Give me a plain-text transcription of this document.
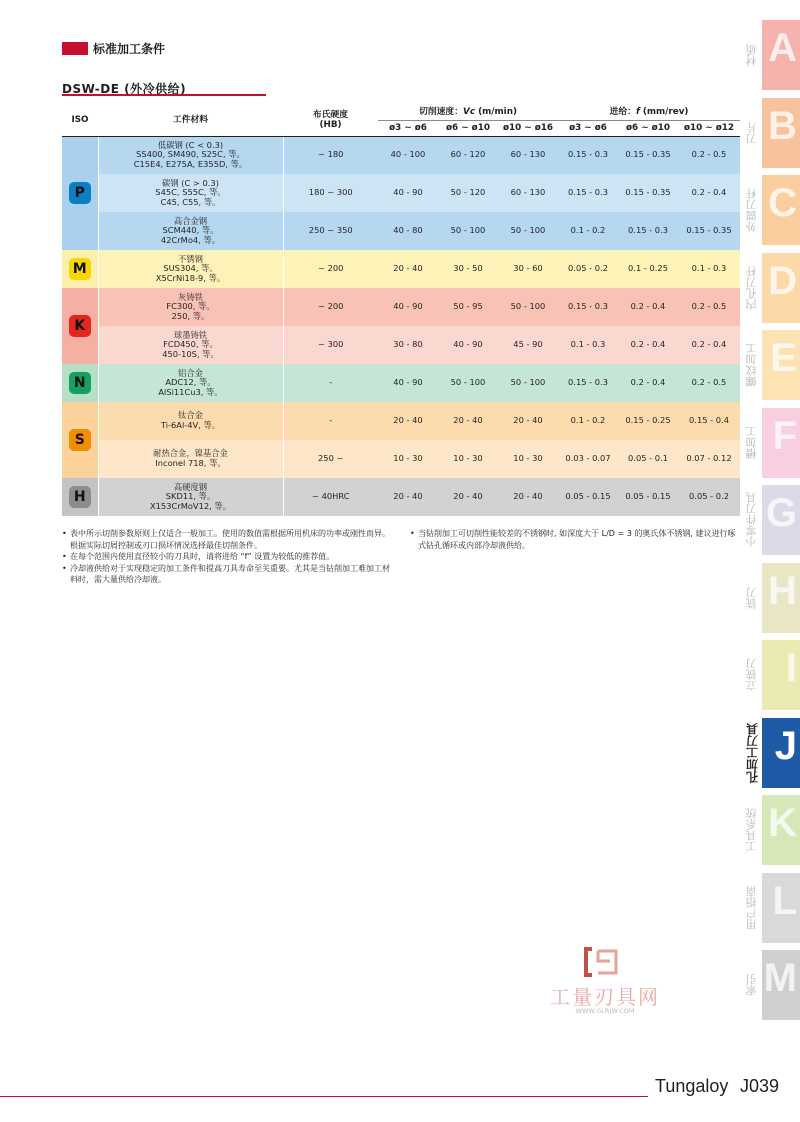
标准加工条件
DSW-DE (外冷供给)
ISO	工件材料	布氏硬度
(HB)	切削速度：Vc (m/min)			进给：f (mm/rev)		
			ø3 ~ ø6	ø6 ~ ø10	ø10 ~ ø16	ø3 ~ ø6	ø6 ~ ø10	ø10 ~ ø12
P	低碳钢 (C < 0.3)
SS400, SM490, S25C, 等。
C15E4, E275A, E355D, 等。	~ 180	40 - 100	60 - 120	60 - 130	0.15 - 0.3	0.15 - 0.35	0.2 - 0.5

	碳钢 (C > 0.3)
S45C, S55C, 等。
C45, C55, 等。	180 ~ 300	40 - 90	50 - 120	60 - 130	0.15 - 0.3	0.15 - 0.35	0.2 - 0.4

	高合金钢
SCM440, 等。
42CrMo4, 等。	250 ~ 350	40 - 80	50 - 100	50 - 100	0.1 - 0.2	0.15 - 0.3	0.15 - 0.35
M	不锈钢
SUS304, 等。
X5CrNi18-9, 等。	~ 200	20 - 40	30 - 50	30 - 60	0.05 - 0.2	0.1 - 0.25	0.1 - 0.3
K	灰铸铁
FC300, 等。
250, 等。	~ 200	40 - 90	50 - 95	50 - 100	0.15 - 0.3	0.2 - 0.4	0.2 - 0.5

	球墨铸铁
FCD450, 等。
450-10S, 等。	~ 300	30 - 80	40 - 90	45 - 90	0.1 - 0.3	0.2 - 0.4	0.2 - 0.4
N	铝合金
ADC12, 等。
AlSi11Cu3, 等。	-	40 - 90	50 - 100	50 - 100	0.15 - 0.3	0.2 - 0.4	0.2 - 0.5
S	钛合金
Ti-6Al-4V, 等。	-	20 - 40	20 - 40	20 - 40	0.1 - 0.2	0.15 - 0.25	0.15 - 0.4

	耐热合金，镍基合金
Inconel 718, 等。	250 ~	10 - 30	10 - 30	10 - 30	0.03 - 0.07	0.05 - 0.1	0.07 - 0.12
H	高硬度钢
SKD11, 等。
X153CrMoV12, 等。	~ 40HRC	20 - 40	20 - 40	20 - 40	0.05 - 0.15	0.05 - 0.15	0.05 - 0.2
• 表中所示切削参数原则上仅适合一般加工。使用的数值需根据所用机床的功率或刚性而异。根据实际切屑控制或刃口损坏情况选择最佳切削条件。
• 在每个范围内使用直径较小的刀具时，请将进给 “f” 设置为较低的推荐值。
• 冷却液供给对于实现稳定的加工条件和提高刀具寿命至关重要。尤其是当钻削加工难加工材料时，需大量供给冷却液。
• 当钻削加工可切削性能较差的不锈钢时, 如深度大于 L/D = 3 的奥氏体不锈钢, 建议进行啄式钻孔循环或内部冷却液供给。
材质 A
刀片 B
外圆刀杆 C
内孔刀杆 D
螺纹加工 E
槽加工 F
小零件刀具 G
铣刀 H
立铣刀 I
孔加工刀具 J
工具系统 K
用户指南 L
索引 M
工量刃具网
WWW.GLRJW.COM
Tungaloy J039
